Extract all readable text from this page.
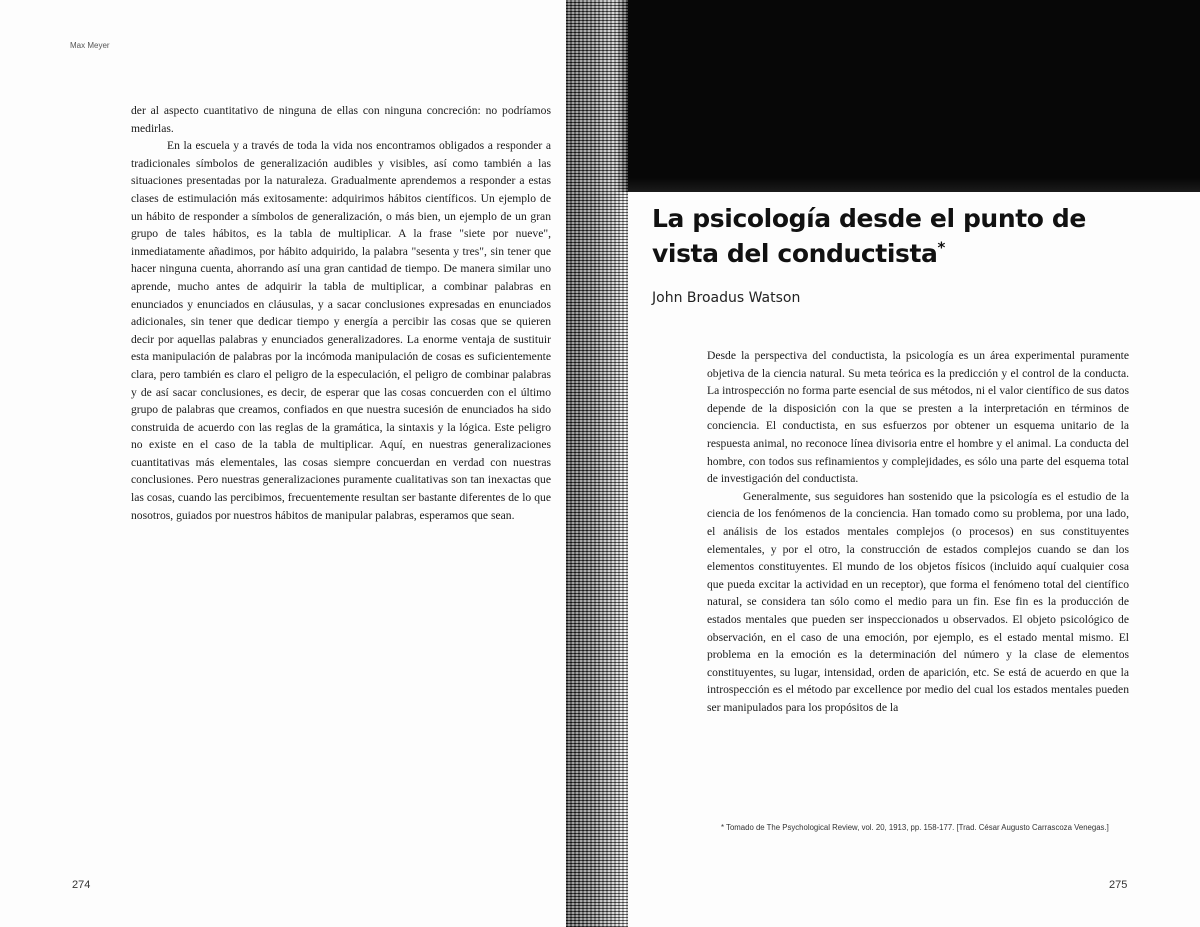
Max Meyer

der al aspecto cuantitativo de ninguna de ellas con ninguna concreción: no podríamos medirlas.

En la escuela y a través de toda la vida nos encontramos obligados a responder a tradicionales símbolos de generalización audibles y visibles, así como también a las situaciones presentadas por la naturaleza. Gradualmente aprendemos a responder a estas clases de estimulación más exitosamente: adquirimos hábitos científicos. Un ejemplo de un hábito de responder a símbolos de generalización, o más bien, un ejemplo de un gran grupo de tales hábitos, es la tabla de multiplicar. A la frase "siete por nueve", inmediatamente añadimos, por hábito adquirido, la palabra "sesenta y tres", sin tener que hacer ninguna cuenta, ahorrando así una gran cantidad de tiempo. De manera similar uno aprende, mucho antes de adquirir la tabla de multiplicar, a combinar palabras en enunciados y enunciados en cláusulas, y a sacar conclusiones expresadas en enunciados adicionales, sin tener que dedicar tiempo y energía a percibir las cosas que se quieren decir por aquellas palabras y enunciados generalizadores. La enorme ventaja de sustituir esta manipulación de palabras por la incómoda manipulación de cosas es suficientemente clara, pero también es claro el peligro de la especulación, el peligro de combinar palabras y de así sacar conclusiones, es decir, de esperar que las cosas concuerden con el último grupo de palabras que creamos, confiados en que nuestra sucesión de enunciados ha sido construida de acuerdo con las reglas de la gramática, la sintaxis y la lógica. Este peligro no existe en el caso de la tabla de multiplicar. Aquí, en nuestras generalizaciones cuantitativas más elementales, las cosas siempre concuerdan en verdad con nuestras conclusiones. Pero nuestras generalizaciones puramente cualitativas son tan inexactas que las cosas, cuando las percibimos, frecuentemente resultan ser bastante diferentes de lo que nosotros, guiados por nuestros hábitos de manipular palabras, esperamos que sean.

274
La psicología desde el punto de vista del conductista*
John Broadus Watson

Desde la perspectiva del conductista, la psicología es un área experimental puramente objetiva de la ciencia natural. Su meta teórica es la predicción y el control de la conducta. La introspección no forma parte esencial de sus métodos, ni el valor científico de sus datos depende de la disposición con la que se presten a la interpretación en términos de conciencia. El conductista, en sus esfuerzos por obtener un esquema unitario de la respuesta animal, no reconoce línea divisoria entre el hombre y el animal. La conducta del hombre, con todos sus refinamientos y complejidades, es sólo una parte del esquema total de investigación del conductista.

Generalmente, sus seguidores han sostenido que la psicología es el estudio de la ciencia de los fenómenos de la conciencia. Han tomado como su problema, por una lado, el análisis de los estados mentales complejos (o procesos) en sus constituyentes elementales, y por el otro, la construcción de estados complejos cuando se dan los elementos constituyentes. El mundo de los objetos físicos (incluido aquí cualquier cosa que pueda excitar la actividad en un receptor), que forma el fenómeno total del científico natural, se considera tan sólo como el medio para un fin. Ese fin es la producción de estados mentales que pueden ser inspeccionados u observados. El objeto psicológico de observación, en el caso de una emoción, por ejemplo, es el estado mental mismo. El problema en la emoción es la determinación del número y la clase de elementos constituyentes, su lugar, intensidad, orden de aparición, etc. Se está de acuerdo en que la introspección es el método par excellence por medio del cual los estados mentales pueden ser manipulados para los propósitos de la

* Tomado de The Psychological Review, vol. 20, 1913, pp. 158-177. [Trad. César Augusto Carrascoza Venegas.]
275
